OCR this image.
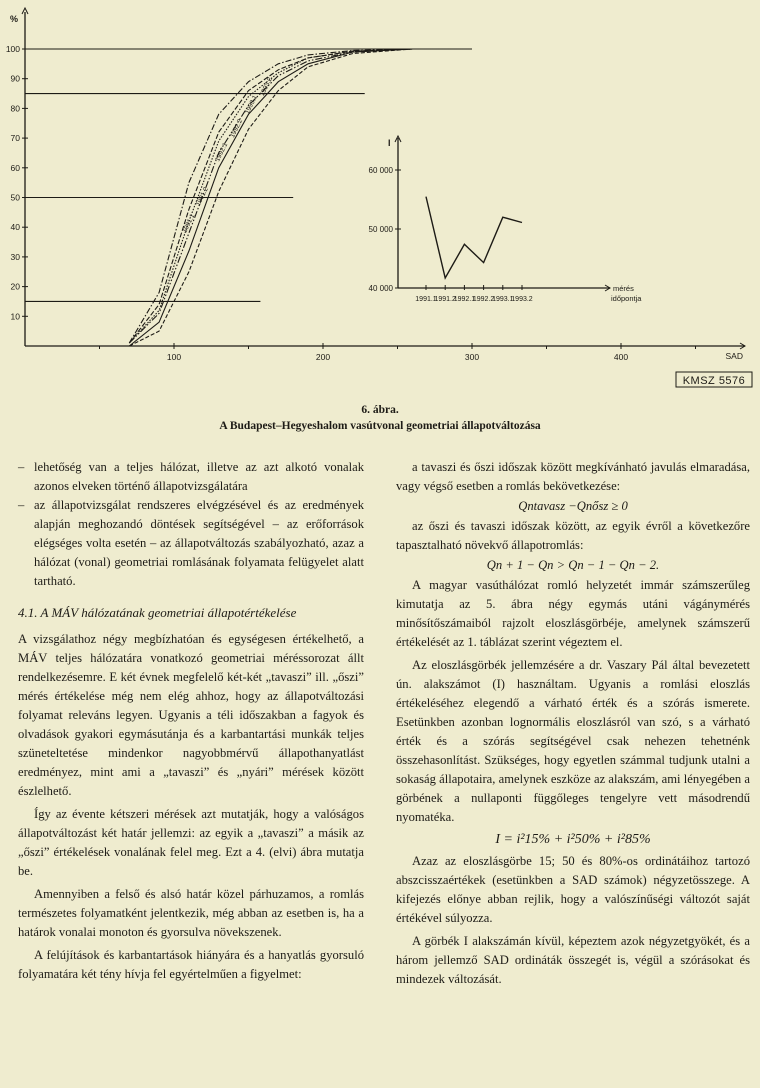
%
10
20
30
40
50
60
70
80
90
100
100	200	300	400	SAD
1991.1
1991.2
1992.1
1992.2
1993.1
1993.2
KMSZ 5576
I
40 000
50 000
60 000
1991.1
1991.2
1992.1
1992.2
1993.1
1993.2
mérés
időpontja
6. ábra.
A Budapest–Hegyeshalom vasútvonal geometriai állapotváltozása

– lehetőség van a teljes hálózat, illetve az azt alkotó vonalak azonos elveken történő állapotvizsgálatára

– az állapotvizsgálat rendszeres elvégzésével és az eredmények alapján meghozandó döntések segítségével – az erőforrások elégséges volta esetén – az állapotváltozás szabályozható, azaz a hálózat (vonal) geometriai romlásának folyamata felügyelet alatt tartható.

4.1. A MÁV hálózatának geometriai állapotértékelése

A vizsgálathoz négy megbízhatóan és egységesen értékelhető, a MÁV teljes hálózatára vonatkozó geometriai méréssorozat állt rendelkezésemre. E két évnek megfelelő két-két „tavaszi” ill. „őszi” mérés értékelése még nem elég ahhoz, hogy az állapotváltozási folyamat releváns legyen. Ugyanis a téli időszakban a fagyok és olvadások gyakori egymásutánja és a karbantartási munkák teljes szüneteltetése mindenkor nagyobbmérvű állapothanyatlást eredményez, mint ami a „tavaszi” és „nyári” mérések között észlelhető.

Így az évente kétszeri mérések azt mutatják, hogy a valóságos állapotváltozást két határ jellemzi: az egyik a „tavaszi” a másik az „őszi” értékelések vonalának felel meg. Ezt a 4. (elvi) ábra mutatja be.

Amennyiben a felső és alsó határ közel párhuzamos, a romlás természetes folyamatként jelentkezik, még abban az esetben is, ha a határok vonalai monoton és gyorsulva növekszenek.

A felújítások és karbantartások hiányára és a hanyatlás gyorsuló folyamatára két tény hívja fel egyértelműen a figyelmet:

a tavaszi és őszi időszak között megkívánható javulás elmaradása, vagy végső esetben a romlás bekövetkezése:

Qntavasz −Qnősz ≥ 0

az őszi és tavaszi időszak között, az egyik évről a következőre tapasztalható növekvő állapotromlás:

Qn + 1 − Qn > Qn − 1 − Qn − 2.

A magyar vasúthálózat romló helyzetét immár számszerűleg kimutatja az 5. ábra négy egymás utáni vágánymérés minősítőszámaiból rajzolt eloszlásgörbéje, amelynek számszerű értékelését az 1. táblázat szerint végeztem el.

Az eloszlásgörbék jellemzésére a dr. Vaszary Pál által bevezetett ún. alakszámot (I) használtam. Ugyanis a romlási eloszlás értékeléséhez elegendő a várható érték és a szórás ismerete. Esetünkben azonban lognormális eloszlásról van szó, s a várható érték és a szórás segítségével csak nehezen tehetnénk összehasonlítást. Szükséges, hogy egyetlen számmal tudjunk utalni a sokaság állapotaira, amelynek eszköze az alakszám, ami lényegében a görbének a nullaponti függőleges tengelyre vett másodrendű nyomatéka.

I = i²15% + i²50% + i²85%

Azaz az eloszlásgörbe 15; 50 és 80%-os ordinátáihoz tartozó abszcisszaértékek (esetünkben a SAD számok) négyzetösszege. A kifejezés előnye abban rejlik, hogy a valószínűségi változót saját értékével súlyozza.

A görbék I alakszámán kívül, képeztem azok négyzetgyökét, és a három jellemző SAD ordináták összegét is, végül a szórásokat és mindezek változását.
